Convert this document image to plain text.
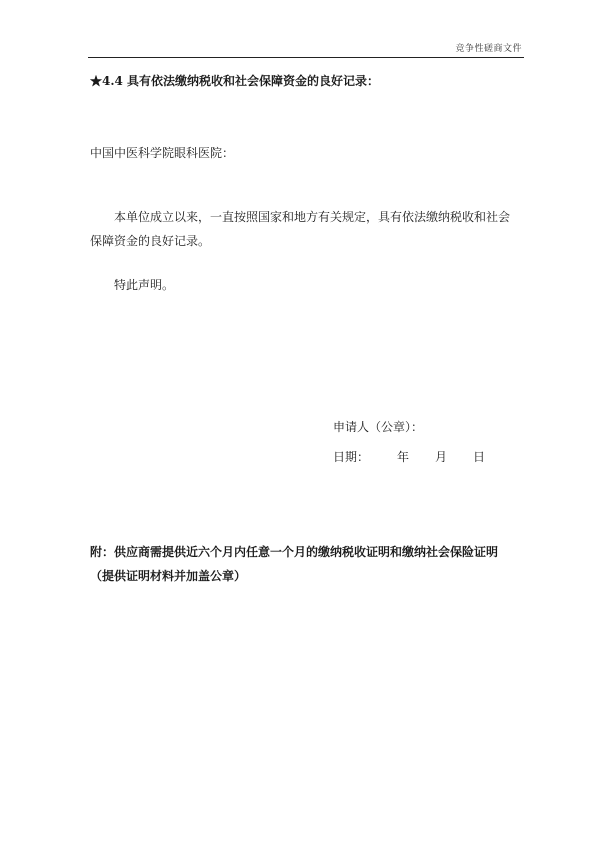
竞争性磋商文件
★4.4 具有依法缴纳税收和社会保障资金的良好记录：
中国中医科学院眼科医院：
本单位成立以来，一直按照国家和地方有关规定，具有依法缴纳税收和社会保障资金的良好记录。
特此声明。
申请人（公章）：
日期： 年 月 日
附：供应商需提供近六个月内任意一个月的缴纳税收证明和缴纳社会保险证明
（提供证明材料并加盖公章）
